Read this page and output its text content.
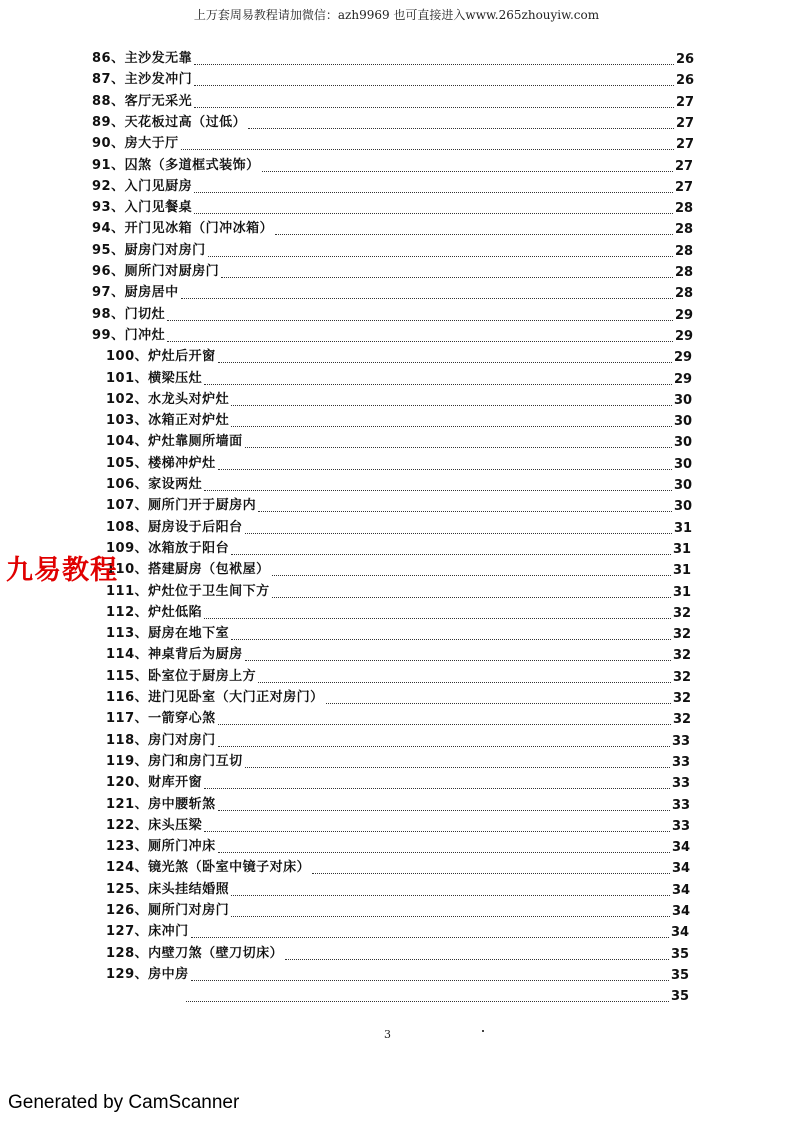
上万套周易教程请加微信：azh9969 也可直接进入www.265zhouyiw.com
86、主沙发无靠	26
87、主沙发冲门	26
88、客厅无采光	27
89、天花板过高（过低）	27
90、房大于厅	27
91、囚煞（多道框式装饰）	27
92、入门见厨房	27
93、入门见餐桌	28
94、开门见冰箱（门冲冰箱）	28
95、厨房门对房门	28
96、厕所门对厨房门	28
97、厨房居中	28
98、门切灶	29
99、门冲灶	29
100、炉灶后开窗	29
101、横梁压灶	29
102、水龙头对炉灶	30
103、冰箱正对炉灶	30
104、炉灶靠厕所墙面	30
105、楼梯冲炉灶	30
106、家设两灶	30
107、厕所门开于厨房内	30
108、厨房设于后阳台	31
109、冰箱放于阳台	31
110、搭建厨房（包袱屋）	31
111、炉灶位于卫生间下方	31
112、炉灶低陷	32
113、厨房在地下室	32
114、神桌背后为厨房	32
115、卧室位于厨房上方	32
116、进门见卧室（大门正对房门）	32
117、一箭穿心煞	32
118、房门对房门	33
119、房门和房门互切	33
120、财库开窗	33
121、房中腰斩煞	33
122、床头压梁	33
123、厕所门冲床	34
124、镜光煞（卧室中镜子对床）	34
125、床头挂结婚照	34
126、厕所门对房门	34
127、床冲门	34
128、内壁刀煞（壁刀切床）	35
129、房中房	35
35
九易教程
3
Generated by CamScanner
